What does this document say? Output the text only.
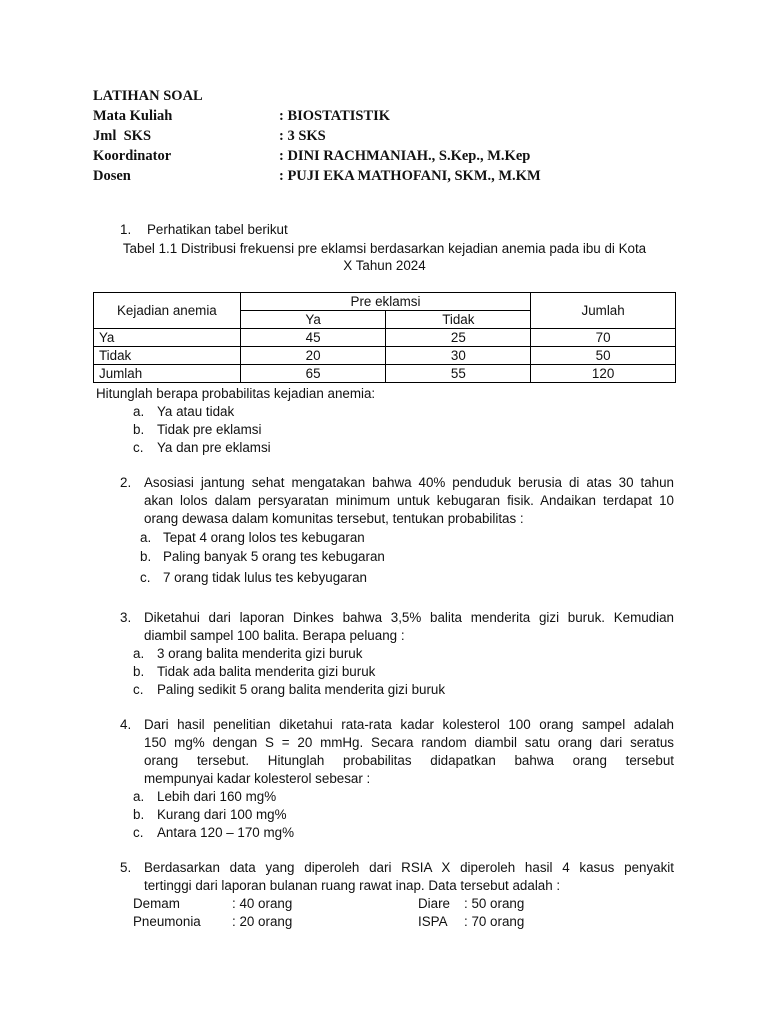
LATIHAN SOAL
Mata Kuliah	: BIOSTATISTIK
Jml  SKS	: 3 SKS
Koordinator	: DINI RACHMANIAH., S.Kep., M.Kep
Dosen	: PUJI EKA MATHOFANI, SKM., M.KM
1. Perhatikan tabel berikut
Tabel 1.1 Distribusi frekuensi pre eklamsi berdasarkan kejadian anemia pada ibu di Kota
X Tahun 2024
Kejadian anemia	Pre eklamsi		Jumlah
	Ya	Tidak	
Ya	45	25	70
Tidak	20	30	50
Jumlah	65	55	120
Hitunglah berapa probabilitas kejadian anemia:
a. Ya atau tidak
b. Tidak pre eklamsi
c. Ya dan pre eklamsi
2. Asosiasi jantung sehat mengatakan bahwa 40% penduduk berusia di atas 30 tahun
akan lolos dalam persyaratan minimum untuk kebugaran fisik. Andaikan terdapat 10
orang dewasa dalam komunitas tersebut, tentukan probabilitas :
a. Tepat 4 orang lolos tes kebugaran
b. Paling banyak 5 orang tes kebugaran
c. 7 orang tidak lulus tes kebyugaran
3. Diketahui dari laporan Dinkes bahwa 3,5% balita menderita gizi buruk. Kemudian
diambil sampel 100 balita. Berapa peluang :
a. 3 orang balita menderita gizi buruk
b. Tidak ada balita menderita gizi buruk
c. Paling sedikit 5 orang balita menderita gizi buruk
4. Dari hasil penelitian diketahui rata-rata kadar kolesterol 100 orang sampel adalah
150 mg% dengan S = 20 mmHg. Secara random diambil satu orang dari seratus
orang tersebut. Hitunglah probabilitas didapatkan bahwa orang tersebut
mempunyai kadar kolesterol sebesar :
a. Lebih dari 160 mg%
b. Kurang dari 100 mg%
c. Antara 120 – 170 mg%
5. Berdasarkan data yang diperoleh dari RSIA X diperoleh hasil 4 kasus penyakit
tertinggi dari laporan bulanan ruang rawat inap. Data tersebut adalah :
Demam	: 40 orang	Diare : 50 orang
Pneumonia : 20 orang	ISPA : 70 orang
